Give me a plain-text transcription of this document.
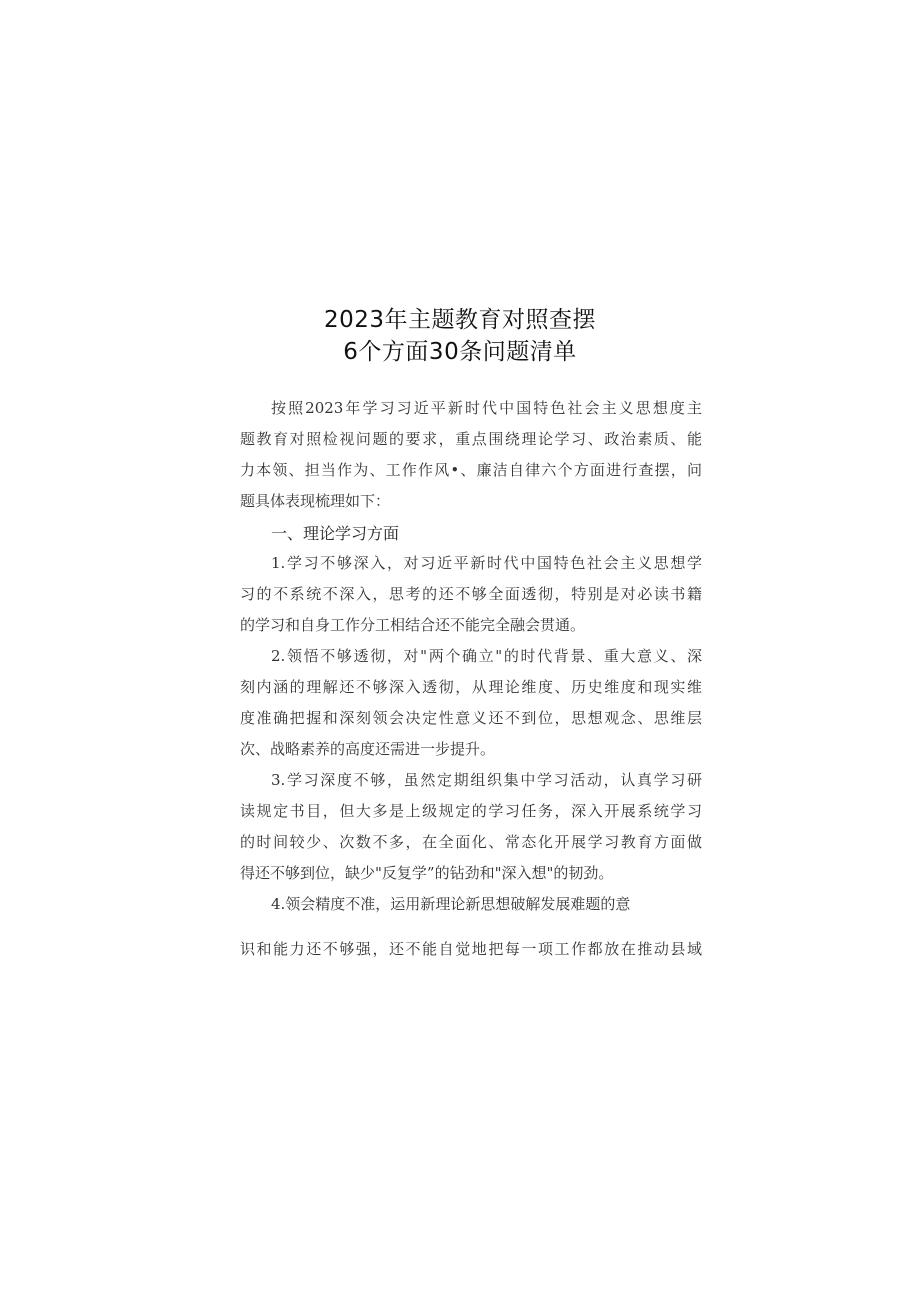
2023年主题教育对照查摆
6个方面30条问题清单
按照2023年学习习近平新时代中国特色社会主义思想度主
题教育对照检视问题的要求，重点围绕理论学习、政治素质、能
力本领、担当作为、工作作风•、廉洁自律六个方面进行查摆，问
题具体表现梳理如下：
一、理论学习方面
1.学习不够深入，对习近平新时代中国特色社会主义思想学
习的不系统不深入，思考的还不够全面透彻，特别是对必读书籍
的学习和自身工作分工相结合还不能完全融会贯通。
2.领悟不够透彻，对"两个确立"的时代背景、重大意义、深
刻内涵的理解还不够深入透彻，从理论维度、历史维度和现实维
度准确把握和深刻领会决定性意义还不到位，思想观念、思维层
次、战略素养的高度还需进一步提升。
3.学习深度不够，虽然定期组织集中学习活动，认真学习研
读规定书目，但大多是上级规定的学习任务，深入开展系统学习
的时间较少、次数不多，在全面化、常态化开展学习教育方面做
得还不够到位，缺少"反复学”的钻劲和"深入想"的韧劲。
4.领会精度不准，运用新理论新思想破解发展难题的意
识和能力还不够强，还不能自觉地把每一项工作都放在推动县域
